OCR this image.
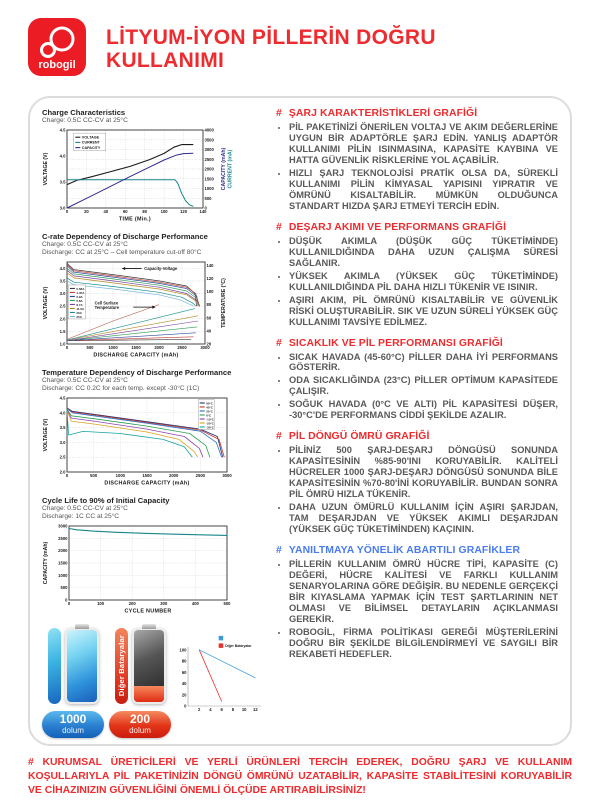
robogil
LİTYUM-İYON PİLLERİN DOĞRU
KULLANIMI
Charge Characteristics
Charge: 0.5C CC-CV at 25°C
0	20	40	60	80	100	120	140
3.0
3.5
4.0
4.5
0
500
1000
1500
2000
2500
3000
3500
4000
TIME (Min.)
VOLTAGE (V)	CAPACITY (mAh) CURRENT (mA)
VOLTAGE
CURRENT
CAPACITY
C-rate Dependency of Discharge Performance
Charge: 0.5C CC-CV at 25°C
Discharge: CC at 25°C – Cell temperature cut-off 80°C
0	500	1000	1500	2000	2500	3000
1.0
1.5
2.0
2.5
3.0
3.5
4.0
20
40
60
80
100
120
140
DISCHARGE CAPACITY (mAh)
VOLTAGE (V)	TEMPERATURE (°C)
0.58A
1.45A
2.9A
5.8A
8.7A
11.6A
20A
25A
Capacity-Voltage
Cell Surface
Temperature
Temperature Dependency of Discharge Performance
Charge: 0.5C CC-CV at 25°C
Discharge: CC 0.2C for each temp. except -30°C (1C)
0	500	1000	1500	2000	2500	3000
2.0
2.5
3.0
3.5
4.0
4.5
DISCHARGE CAPACITY (mAh)
VOLTAGE (V)
60°C
45°C
25°C
0°C
-10°C
-20°C
-30°C
Cycle Life to 90% of Initial Capacity
Charge: 0.5C CC-CV at 25°C
Discharge: 1C CC at 25°C
0	100	200	300	400	500
0
500
1000
1500
2000
2500
3000
CYCLE NUMBER
CAPACITY (mAh)
1000
dolum
Diğer Bataryalar
200
dolum
2 4 6 8 10 12
0
20
40
60
80
100
Diğer Bataryalar
# ŞARJ KARAKTERİSTİKLERİ GRAFİĞİ
• PİL PAKETİNİZİ ÖNERİLEN VOLTAJ VE AKIM DEĞERLERİNE UYGUN BİR ADAPTÖRLE ŞARJ EDİN. YANLIŞ ADAPTÖR KULLANIMI PİLİN ISINMASINA, KAPASİTE KAYBINA VE HATTA GÜVENLİK RİSKLERİNE YOL AÇABİLİR.
• HIZLI ŞARJ TEKNOLOJİSİ PRATİK OLSA DA, SÜREKLİ KULLANIMI PİLİN KİMYASAL YAPISINI YIPRATIR VE ÖMRÜNÜ KISALTABİLİR. MÜMKÜN OLDUĞUNCA STANDART HIZDA ŞARJ ETMEYİ TERCİH EDİN.
# DEŞARJ AKIMI VE PERFORMANS GRAFİĞİ
• DÜŞÜK AKIMLA (DÜŞÜK GÜÇ TÜKETİMİNDE) KULLANILDIĞINDA DAHA UZUN ÇALIŞMA SÜRESİ SAĞLANIR.
• YÜKSEK AKIMLA (YÜKSEK GÜÇ TÜKETİMİNDE) KULLANILDIĞINDA PİL DAHA HIZLI TÜKENİR VE ISINIR.
• AŞIRI AKIM, PİL ÖMRÜNÜ KISALTABİLİR VE GÜVENLİK RİSKİ OLUŞTURABİLİR. SIK VE UZUN SÜRELİ YÜKSEK GÜÇ KULLANIMI TAVSİYE EDİLMEZ.
# SICAKLIK VE PİL PERFORMANSI GRAFİĞİ
• SICAK HAVADA (45-60°C) PİLLER DAHA İYİ PERFORMANS GÖSTERİR.
• ODA SICAKLIĞINDA (23°C) PİLLER OPTİMUM KAPASİTEDE ÇALIŞIR.
• SOĞUK HAVADA (0°C VE ALTI) PİL KAPASİTESİ DÜŞER, -30°C'DE PERFORMANS CİDDİ ŞEKİLDE AZALIR.
# PİL DÖNGÜ ÖMRÜ GRAFİĞİ
• PİLİNİZ 500 ŞARJ-DEŞARJ DÖNGÜSÜ SONUNDA KAPASİTESİNİN %85-90'INI KORUYABİLİR. KALİTELİ HÜCRELER 1000 ŞARJ-DEŞARJ DÖNGÜSÜ SONUNDA BİLE KAPASİTESİNİN %70-80'İNİ KORUYABİLİR. BUNDAN SONRA PİL ÖMRÜ HIZLA TÜKENİR.
• DAHA UZUN ÖMÜRLÜ KULLANIM İÇİN AŞIRI ŞARJDAN, TAM DEŞARJDAN VE YÜKSEK AKIMLI DEŞARJDAN (YÜKSEK GÜÇ TÜKETİMİNDEN) KAÇININ.
# YANILTMAYA YÖNELİK ABARTILI GRAFİKLER
• PİLLERİN KULLANIM ÖMRÜ HÜCRE TİPİ, KAPASİTE (C) DEĞERİ, HÜCRE KALİTESİ VE FARKLI KULLANIM SENARYOLARINA GÖRE DEĞİŞİR. BU NEDENLE GERÇEKÇİ BİR KIYASLAMA YAPMAK İÇİN TEST ŞARTLARININ NET OLMASI VE BİLİMSEL DETAYLARIN AÇIKLANMASI GEREKİR.
• ROBOGİL, FİRMA POLİTİKASI GEREĞİ MÜŞTERİLERİNİ DOĞRU BİR ŞEKİLDE BİLGİLENDİRMEYİ VE SAYGILI BİR REKABETİ HEDEFLER.
# KURUMSAL ÜRETİCİLERİ VE YERLİ ÜRÜNLERİ TERCİH EDEREK, DOĞRU ŞARJ VE KULLANIM KOŞULLARIYLA PİL PAKETİNİZİN DÖNGÜ ÖMRÜNÜ UZATABİLİR, KAPASİTE STABİLİTESİNİ KORUYABİLİR VE CİHAZINIZIN GÜVENLİĞİNİ ÖNEMLİ ÖLÇÜDE ARTIRABİLİRSİNİZ!
